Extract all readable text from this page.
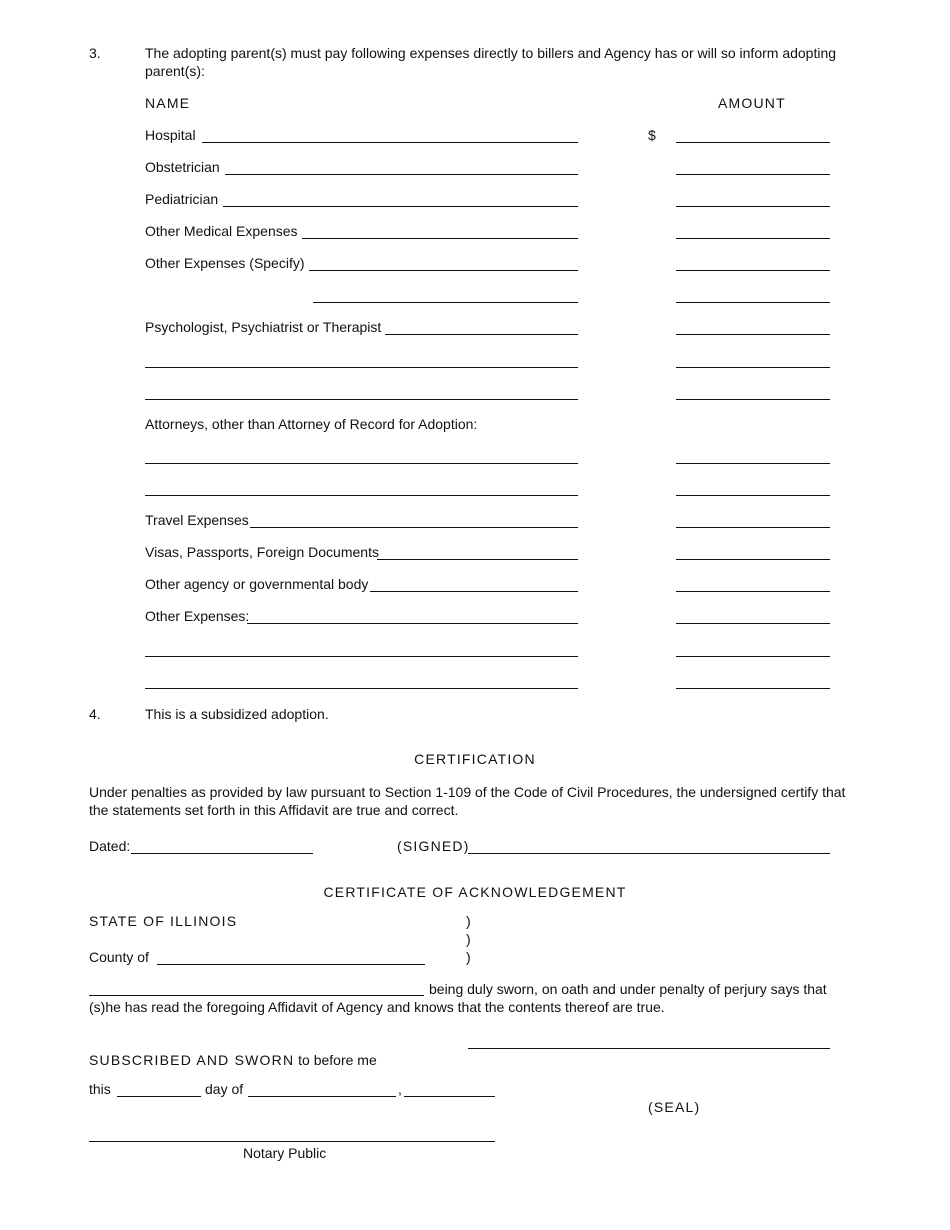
3.	The adopting parent(s) must pay following expenses directly to billers and Agency has or will so inform adopting parent(s):
NAME	AMOUNT
Hospital	$
Obstetrician
Pediatrician
Other Medical Expenses
Other Expenses (Specify)
Psychologist, Psychiatrist or Therapist
Attorneys, other than Attorney of Record for Adoption:
Travel Expenses
Visas, Passports, Foreign Documents
Other agency or governmental body
Other Expenses:
4.	This is a subsidized adoption.
CERTIFICATION
Under penalties as provided by law pursuant to Section 1-109 of the Code of Civil Procedures, the undersigned certify that the statements set forth in this Affidavit are true and correct.
Dated:	(SIGNED)
CERTIFICATE OF ACKNOWLEDGEMENT
STATE OF ILLINOIS	)
)
)
County of
being duly sworn, on oath and under penalty of perjury says that
(s)he has read the foregoing Affidavit of Agency and knows that the contents thereof are true.
SUBSCRIBED AND SWORN to before me
this	day of	,
(SEAL)
Notary Public
